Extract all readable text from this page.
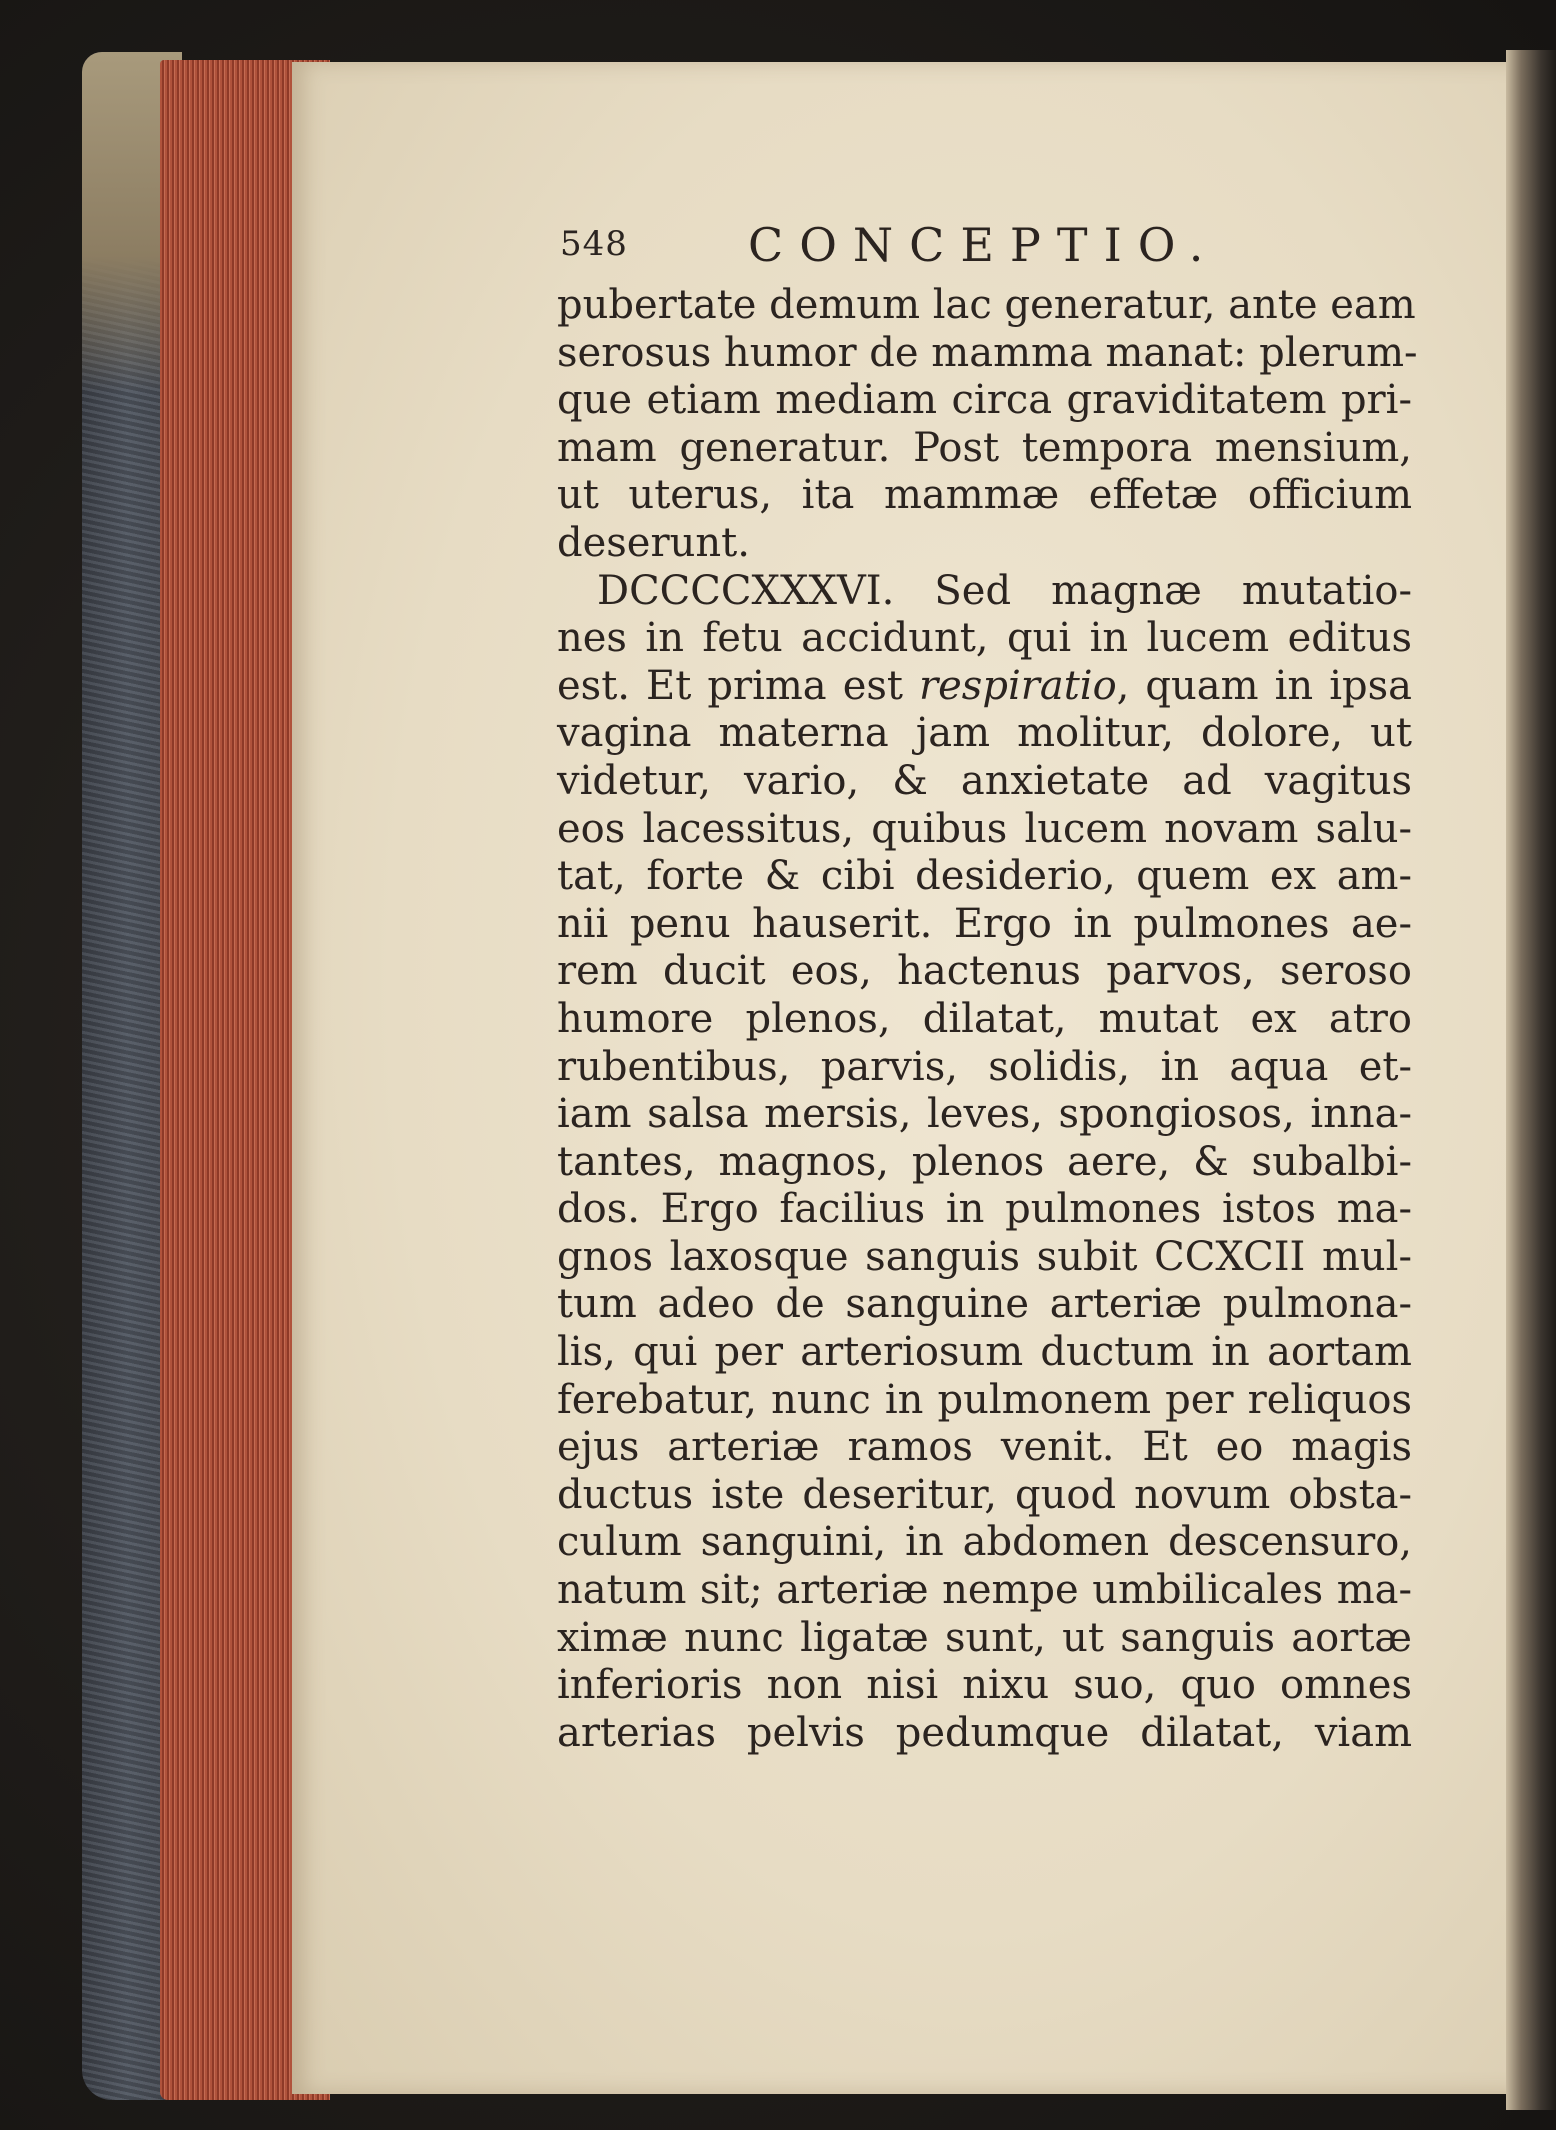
548	CONCEPTIO.
pubertate demum lac generatur, ante eam
serosus humor de mamma manat: plerum-
que etiam mediam circa graviditatem pri-
mam generatur. Post tempora mensium,
ut uterus, ita mammæ effetæ officium
deserunt.
DCCCCXXXVI. Sed magnæ mutatio-
nes in fetu accidunt, qui in lucem editus
est. Et prima est respiratio, quam in ipsa
vagina materna jam molitur, dolore, ut
videtur, vario, & anxietate ad vagitus
eos lacessitus, quibus lucem novam salu-
tat, forte & cibi desiderio, quem ex am-
nii penu hauserit. Ergo in pulmones ae-
rem ducit eos, hactenus parvos, seroso
humore plenos, dilatat, mutat ex atro
rubentibus, parvis, solidis, in aqua et-
iam salsa mersis, leves, spongiosos, inna-
tantes, magnos, plenos aere, & subalbi-
dos. Ergo facilius in pulmones istos ma-
gnos laxosque sanguis subit CCXCII mul-
tum adeo de sanguine arteriæ pulmona-
lis, qui per arteriosum ductum in aortam
ferebatur, nunc in pulmonem per reliquos
ejus arteriæ ramos venit. Et eo magis
ductus iste deseritur, quod novum obsta-
culum sanguini, in abdomen descensuro,
natum sit; arteriæ nempe umbilicales ma-
ximæ nunc ligatæ sunt, ut sanguis aortæ
inferioris non nisi nixu suo, quo omnes
arterias pelvis pedumque dilatat, viam
